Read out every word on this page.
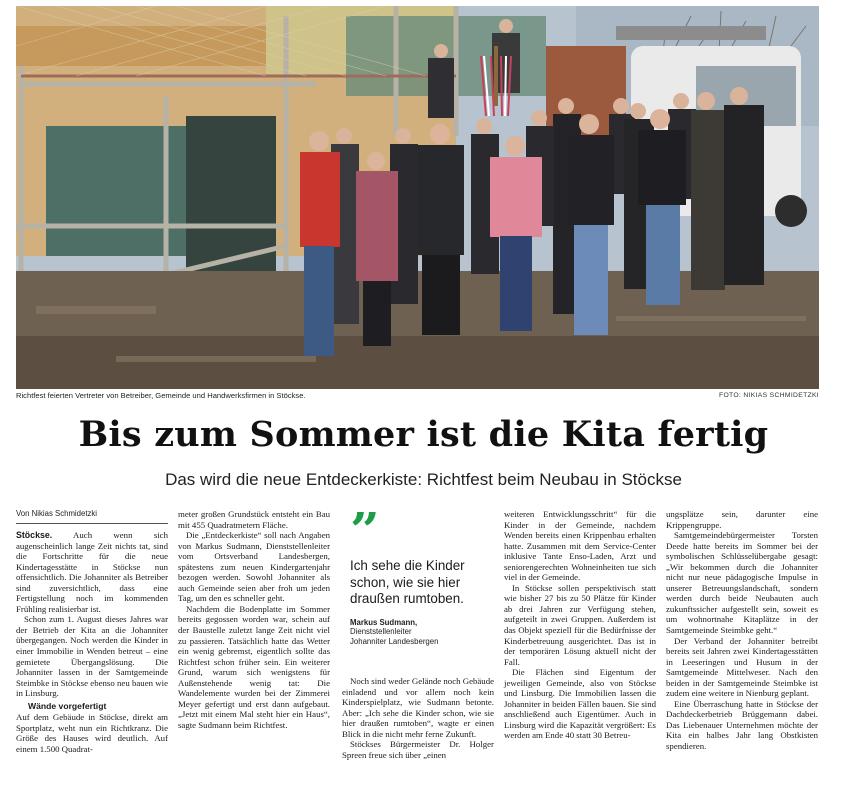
Richtfest feierten Vertreter von Betreiber, Gemeinde und Handwerksfirmen in Stöckse.	FOTO: NIKIAS SCHMIDETZKI
Bis zum Sommer ist die Kita fertig
Das wird die neue Entdeckerkiste: Richtfest beim Neubau in Stöckse
Von Nikias Schmidetzki

Stöckse. Auch wenn sich augenscheinlich lange Zeit nichts tat, sind die Fortschritte für die neue Kindertagesstätte in Stöckse nun offensichtlich. Die Johanniter als Betreiber sind zuversichtlich, dass eine Fertigstellung noch im kommenden Frühling realisierbar ist.

Schon zum 1. August dieses Jahres war der Betrieb der Kita an die Johanniter übergegangen. Noch werden die Kinder in einer Immobilie in Wenden betreut – eine gemietete Übergangslösung. Die Johanniter lassen in der Samtgemeinde Steimbke in Stöckse ebenso neu bauen wie in Linsburg.

Wände vorgefertigt

Auf dem Gebäude in Stöckse, direkt am Sportplatz, weht nun ein Richtkranz. Die Größe des Hauses wird deutlich. Auf einem 1.500 Quadrat-

meter großen Grundstück entsteht ein Bau mit 455 Quadratmetern Fläche.

Die „Entdeckerkiste“ soll nach Angaben von Markus Sudmann, Dienststellenleiter vom Ortsverband Landesbergen, spätestens zum neuen Kindergartenjahr bezogen werden. Sowohl Johanniter als auch Gemeinde seien aber froh um jeden Tag, um den es schneller geht.

Nachdem die Bodenplatte im Sommer bereits gegossen worden war, schein auf der Baustelle zuletzt lange Zeit nicht viel zu passieren. Tatsächlich hatte das Wetter ein wenig gebremst, eigentlich sollte das Richtfest schon früher sein. Ein weiterer Grund, warum sich wenigstens für Außenstehende wenig tat: Die Wandelemente wurden bei der Zimmerei Meyer gefertigt und erst dann aufgebaut. „Jetzt mit einem Mal steht hier ein Haus“, sagte Sudmann beim Richtfest.

”
Ich sehe die Kinder schon, wie sie hier draußen rumtoben.
Markus Sudmann,
Dienststellenleiter
Johanniter Landesbergen

Noch sind weder Gelände noch Gebäude einladend und vor allem noch kein Kinderspielplatz, wie Sudmann betonte. Aber: „Ich sehe die Kinder schon, wie sie hier draußen rumtoben“, wagte er einen Blick in die nicht mehr ferne Zukunft.

Stöckses Bürgermeister Dr. Holger Spreen freue sich über „einen

weiteren Entwicklungsschritt“ für die Kinder in der Gemeinde, nachdem Wenden bereits einen Krippenbau erhalten hatte. Zusammen mit dem Service-Center inklusive Tante Enso-Laden, Arzt und seniorengerechten Wohneinheiten tue sich viel in der Gemeinde.

In Stöckse sollen perspektivisch statt wie bisher 27 bis zu 50 Plätze für Kinder ab drei Jahren zur Verfügung stehen, aufgeteilt in zwei Gruppen. Außerdem ist das Objekt speziell für die Bedürfnisse der Kinderbetreuung ausgerichtet. Das ist in der temporären Lösung aktuell nicht der Fall.

Die Flächen sind Eigentum der jeweiligen Gemeinde, also von Stöckse und Linsburg. Die Immobilien lassen die Johanniter in beiden Fällen bauen. Sie sind anschließend auch Eigentümer. Auch in Linsburg wird die Kapazität vergrößert: Es werden am Ende 40 statt 30 Betreu-

ungsplätze sein, darunter eine Krippengruppe.

Samtgemeindebürgermeister Torsten Deede hatte bereits im Sommer bei der symbolischen Schlüsselübergabe gesagt: „Wir bekommen durch die Johanniter nicht nur neue pädagogische Impulse in unserer Betreuungslandschaft, sondern werden durch beide Neubauten auch zukunftssicher aufgestellt sein, soweit es um wohnortnahe Kitaplätze in der Samtgemeinde Steimbke geht.“

Der Verband der Johanniter betreibt bereits seit Jahren zwei Kindertagesstätten in Leeseringen und Husum in der Samtgemeinde Mittelweser. Nach den beiden in der Samtgemeinde Steimbke ist zudem eine weitere in Nienburg geplant.

Eine Überraschung hatte in Stöckse der Dachdeckerbetrieb Brüggemann dabei. Das Liebenauer Unternehmen möchte der Kita ein halbes Jahr lang Obstkisten spendieren.
